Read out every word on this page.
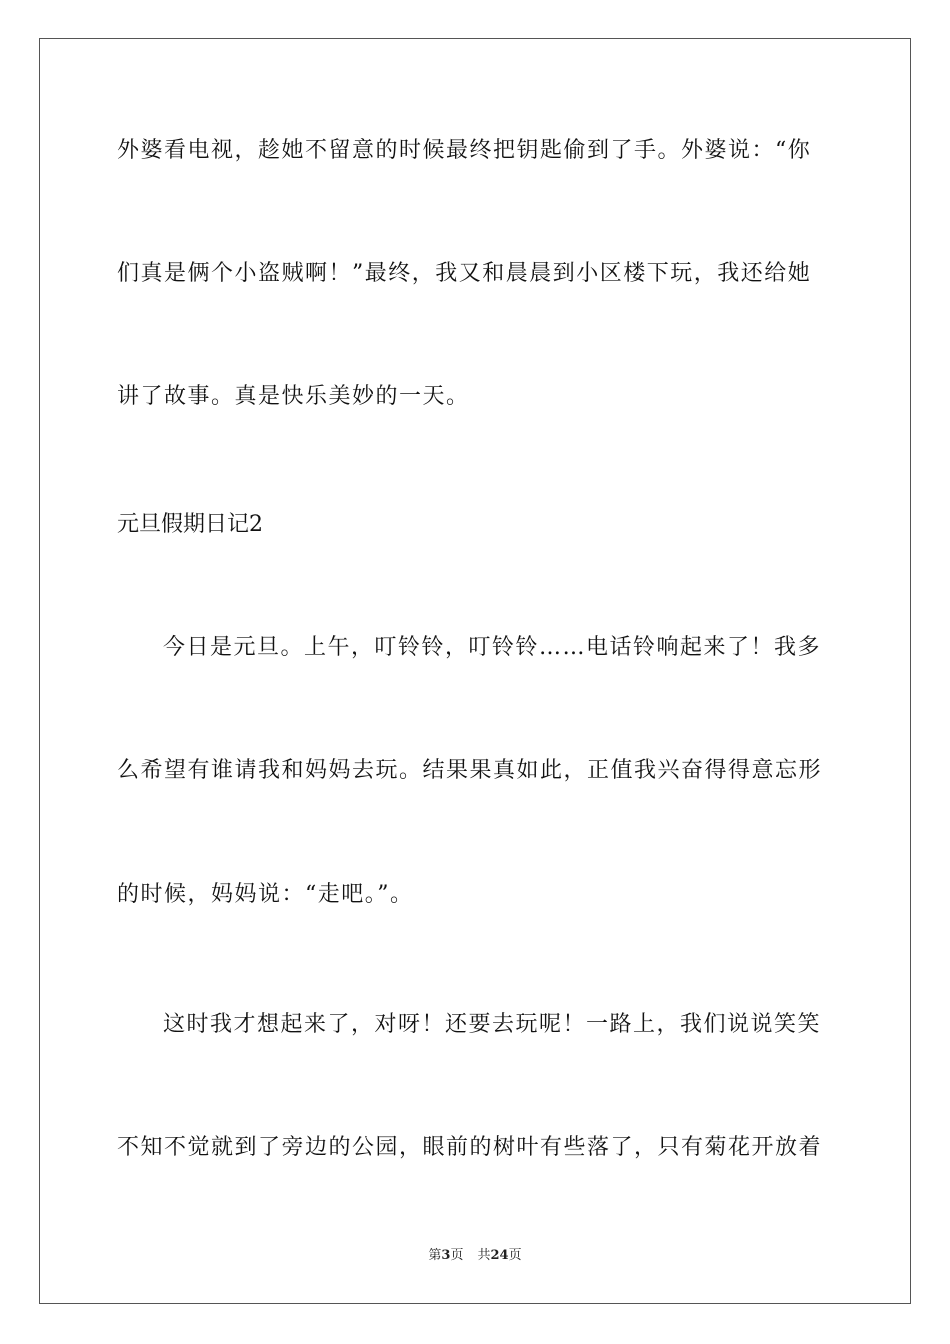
外婆看电视，趁她不留意的时候最终把钥匙偷到了手。外婆说：“你

们真是俩个小盗贼啊！”最终，我又和晨晨到小区楼下玩，我还给她

讲了故事。真是快乐美妙的一天。

元旦假期日记2

今日是元旦。上午，叮铃铃，叮铃铃……电话铃响起来了！我多

么希望有谁请我和妈妈去玩。结果果真如此，正值我兴奋得得意忘形

的时候，妈妈说：“走吧。”。

这时我才想起来了，对呀！还要去玩呢！一路上，我们说说笑笑

不知不觉就到了旁边的公园，眼前的树叶有些落了，只有菊花开放着

第3页 共24页
